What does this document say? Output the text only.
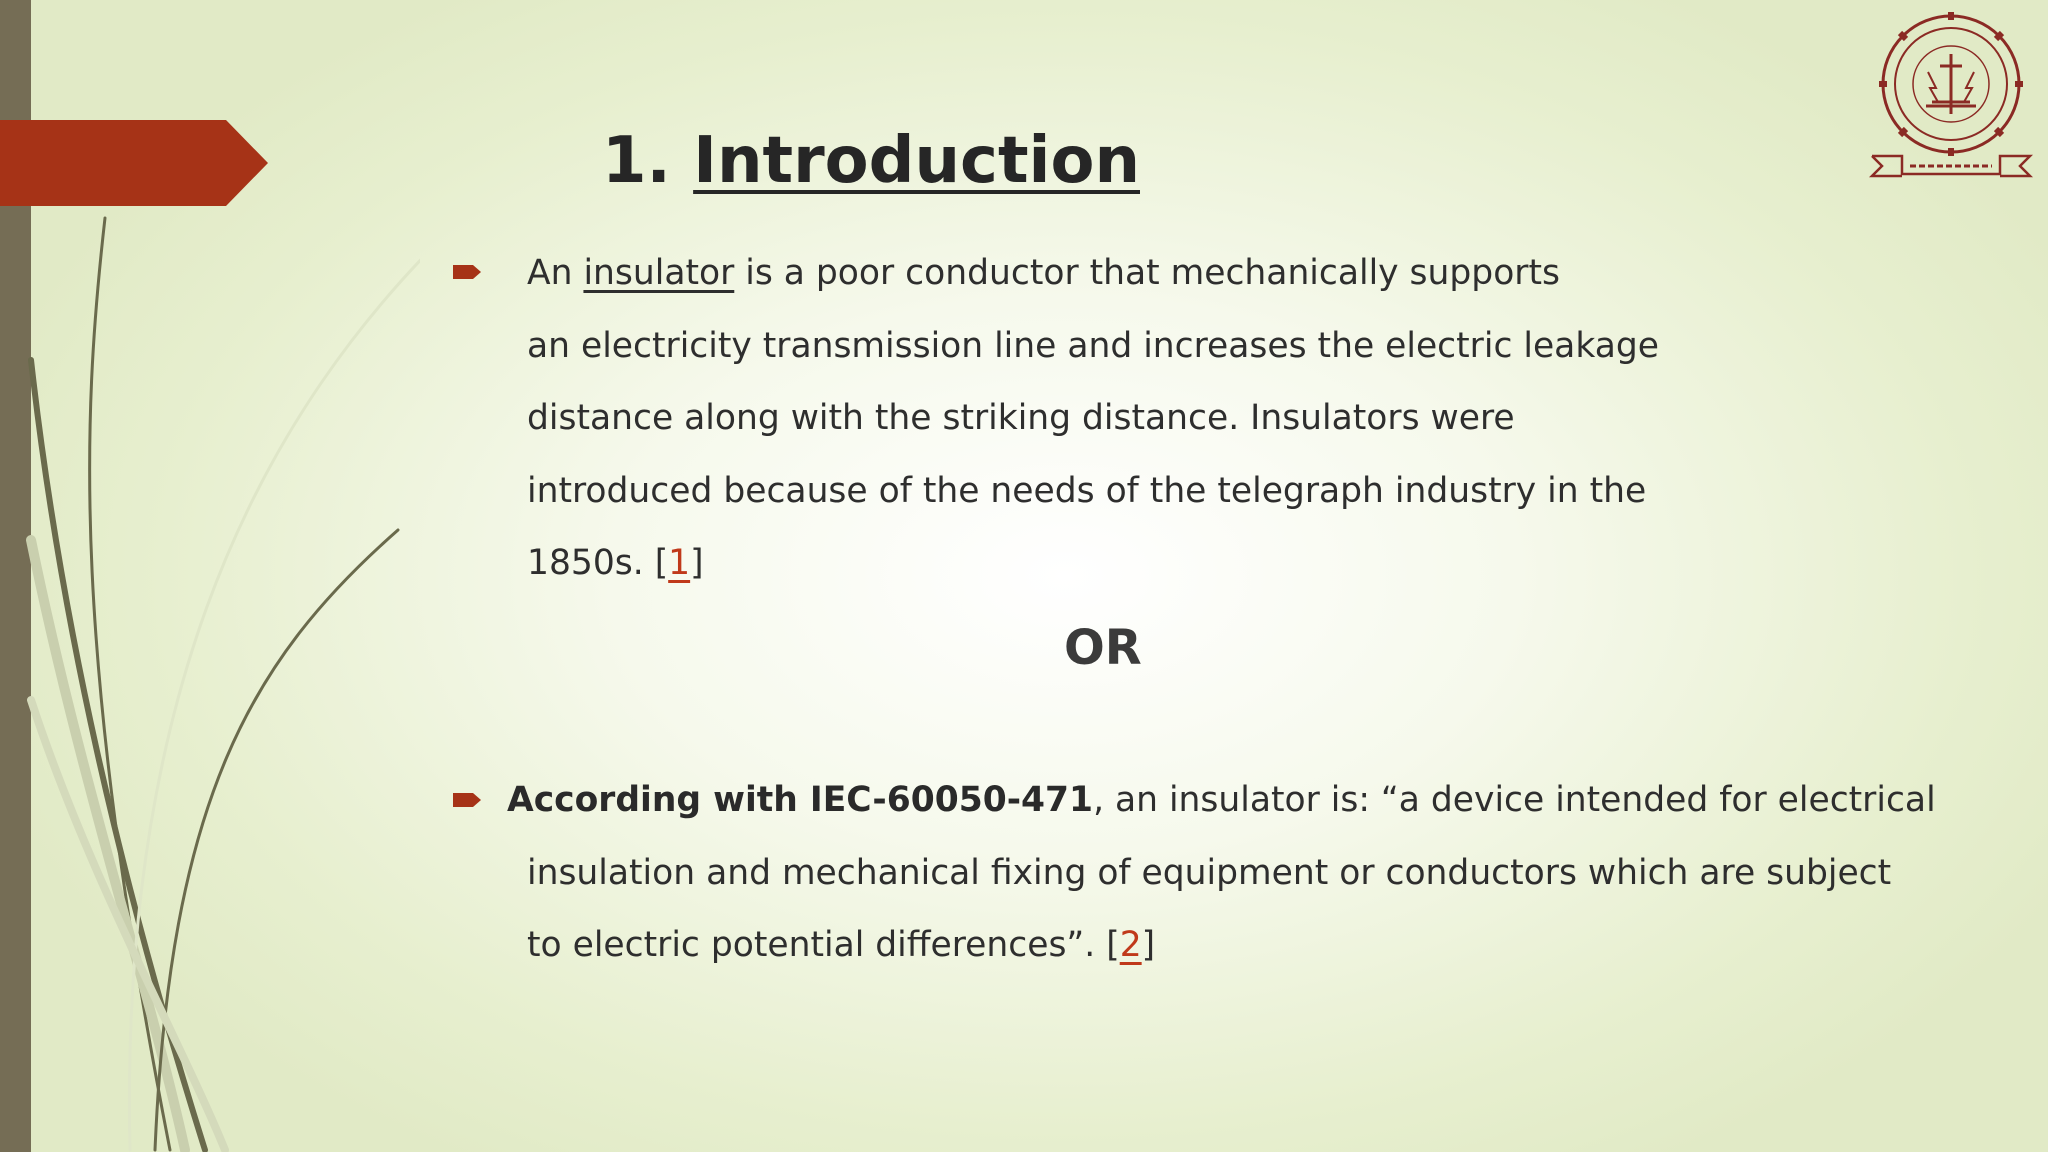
1. Introduction
An insulator is a poor conductor that mechanically supports
an electricity transmission line and increases the electric leakage
distance along with the striking distance. Insulators were
introduced because of the needs of the telegraph industry in the
1850s. [1]

OR

According with IEC-60050-471, an insulator is: “a device intended for electrical
insulation and mechanical fixing of equipment or conductors which are subject
to electric potential differences”. [2]
